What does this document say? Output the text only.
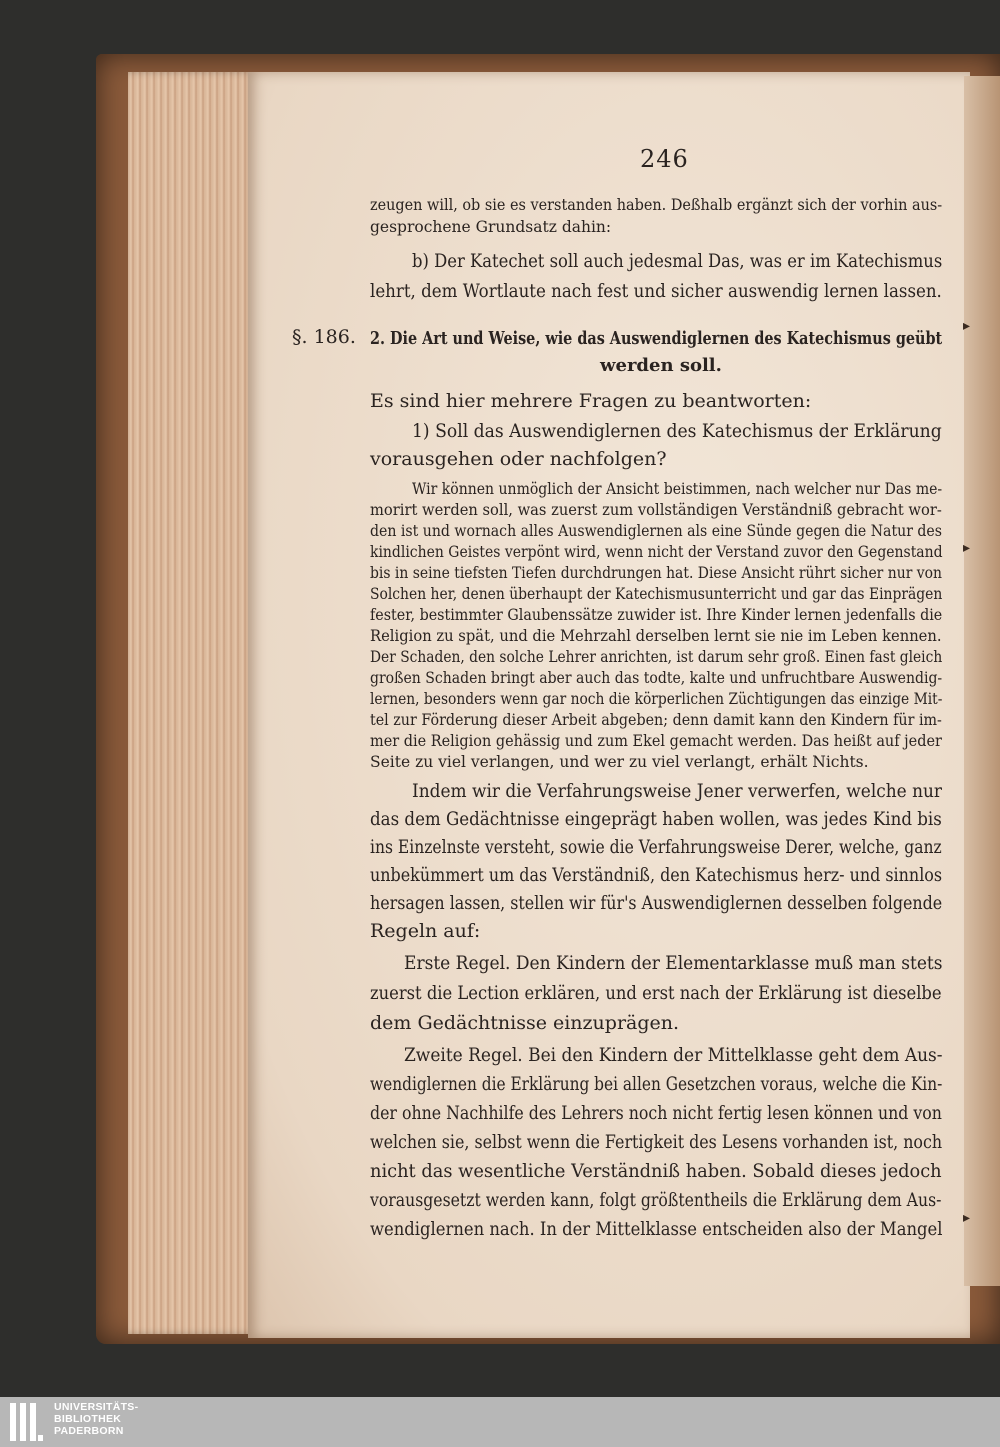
▸
▸
▸
246
§. 186.
zeugen will, ob sie es verstanden haben. Deßhalb ergänzt sich der vorhin aus-
gesprochene Grundsatz dahin:
b) Der Katechet soll auch jedesmal Das, was er im Katechismus
lehrt, dem Wortlaute nach fest und sicher auswendig lernen lassen.
2. Die Art und Weise, wie das Auswendiglernen des Katechismus geübt
werden soll.
Es sind hier mehrere Fragen zu beantworten:
1) Soll das Auswendiglernen des Katechismus der Erklärung
vorausgehen oder nachfolgen?
Wir können unmöglich der Ansicht beistimmen, nach welcher nur Das me-
morirt werden soll, was zuerst zum vollständigen Verständniß gebracht wor-
den ist und wornach alles Auswendiglernen als eine Sünde gegen die Natur des
kindlichen Geistes verpönt wird, wenn nicht der Verstand zuvor den Gegenstand
bis in seine tiefsten Tiefen durchdrungen hat. Diese Ansicht rührt sicher nur von
Solchen her, denen überhaupt der Katechismusunterricht und gar das Einprägen
fester, bestimmter Glaubenssätze zuwider ist. Ihre Kinder lernen jedenfalls die
Religion zu spät, und die Mehrzahl derselben lernt sie nie im Leben kennen.
Der Schaden, den solche Lehrer anrichten, ist darum sehr groß. Einen fast gleich
großen Schaden bringt aber auch das todte, kalte und unfruchtbare Auswendig-
lernen, besonders wenn gar noch die körperlichen Züchtigungen das einzige Mit-
tel zur Förderung dieser Arbeit abgeben; denn damit kann den Kindern für im-
mer die Religion gehässig und zum Ekel gemacht werden. Das heißt auf jeder
Seite zu viel verlangen, und wer zu viel verlangt, erhält Nichts.
Indem wir die Verfahrungsweise Jener verwerfen, welche nur
das dem Gedächtnisse eingeprägt haben wollen, was jedes Kind bis
ins Einzelnste versteht, sowie die Verfahrungsweise Derer, welche, ganz
unbekümmert um das Verständniß, den Katechismus herz- und sinnlos
hersagen lassen, stellen wir für's Auswendiglernen desselben folgende
Regeln auf:
Erste Regel. Den Kindern der Elementarklasse muß man stets
zuerst die Lection erklären, und erst nach der Erklärung ist dieselbe
dem Gedächtnisse einzuprägen.
Zweite Regel. Bei den Kindern der Mittelklasse geht dem Aus-
wendiglernen die Erklärung bei allen Gesetzchen voraus, welche die Kin-
der ohne Nachhilfe des Lehrers noch nicht fertig lesen können und von
welchen sie, selbst wenn die Fertigkeit des Lesens vorhanden ist, noch
nicht das wesentliche Verständniß haben. Sobald dieses jedoch
vorausgesetzt werden kann, folgt größtentheils die Erklärung dem Aus-
wendiglernen nach. In der Mittelklasse entscheiden also der Mangel
UNIVERSITÄTS-
BIBLIOTHEK
PADERBORN
